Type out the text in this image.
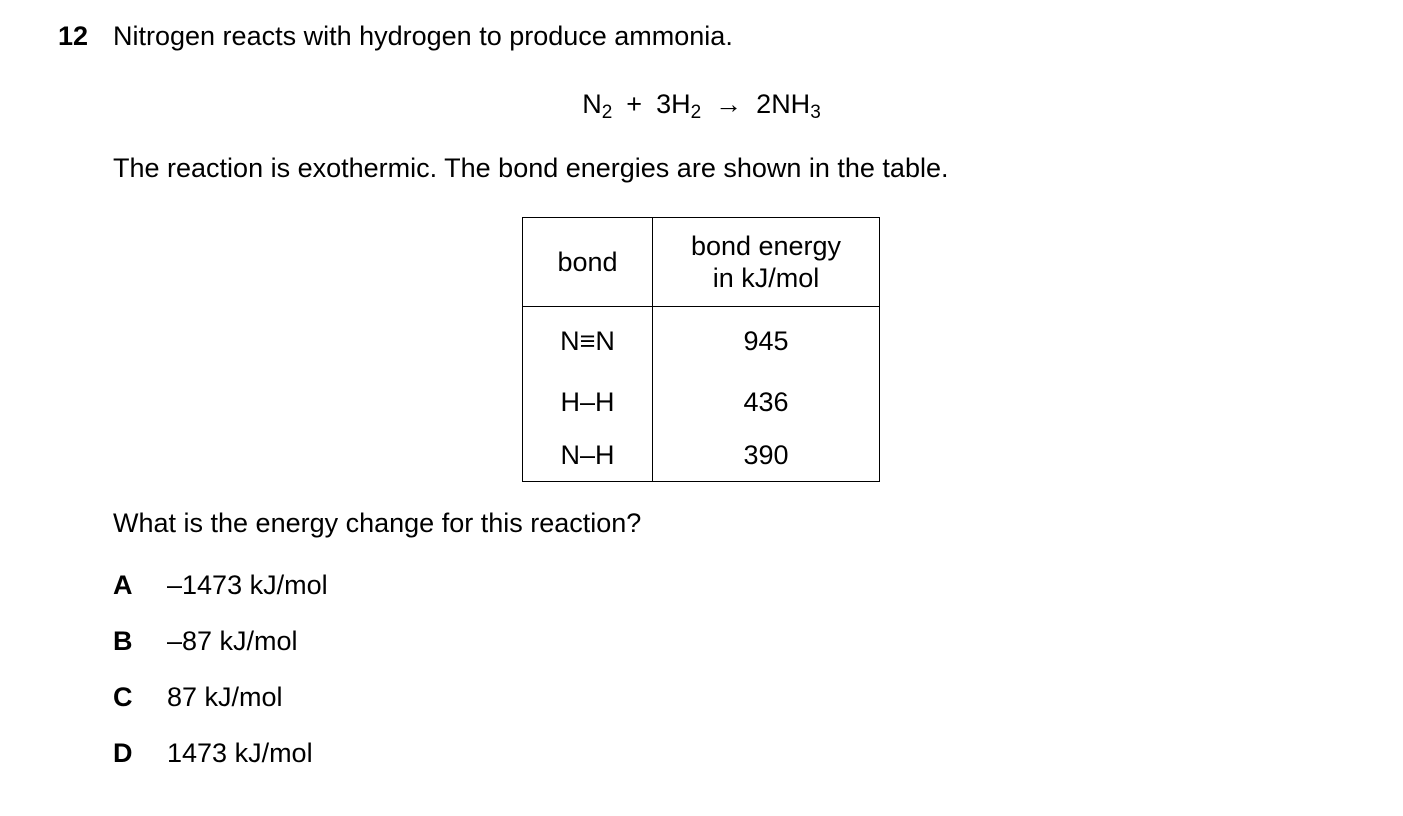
12 Nitrogen reacts with hydrogen to produce ammonia.
$N_2 + 3H_2 \to 2NH_3$
The reaction is exothermic. The bond energies are shown in the table.
bond	bond energy
in kJ/mol

N≡N	945
H–H	436
N–H	390
What is the energy change for this reaction?
A	–1473 kJ/mol
B	–87 kJ/mol
C	87 kJ/mol
D	1473 kJ/mol
